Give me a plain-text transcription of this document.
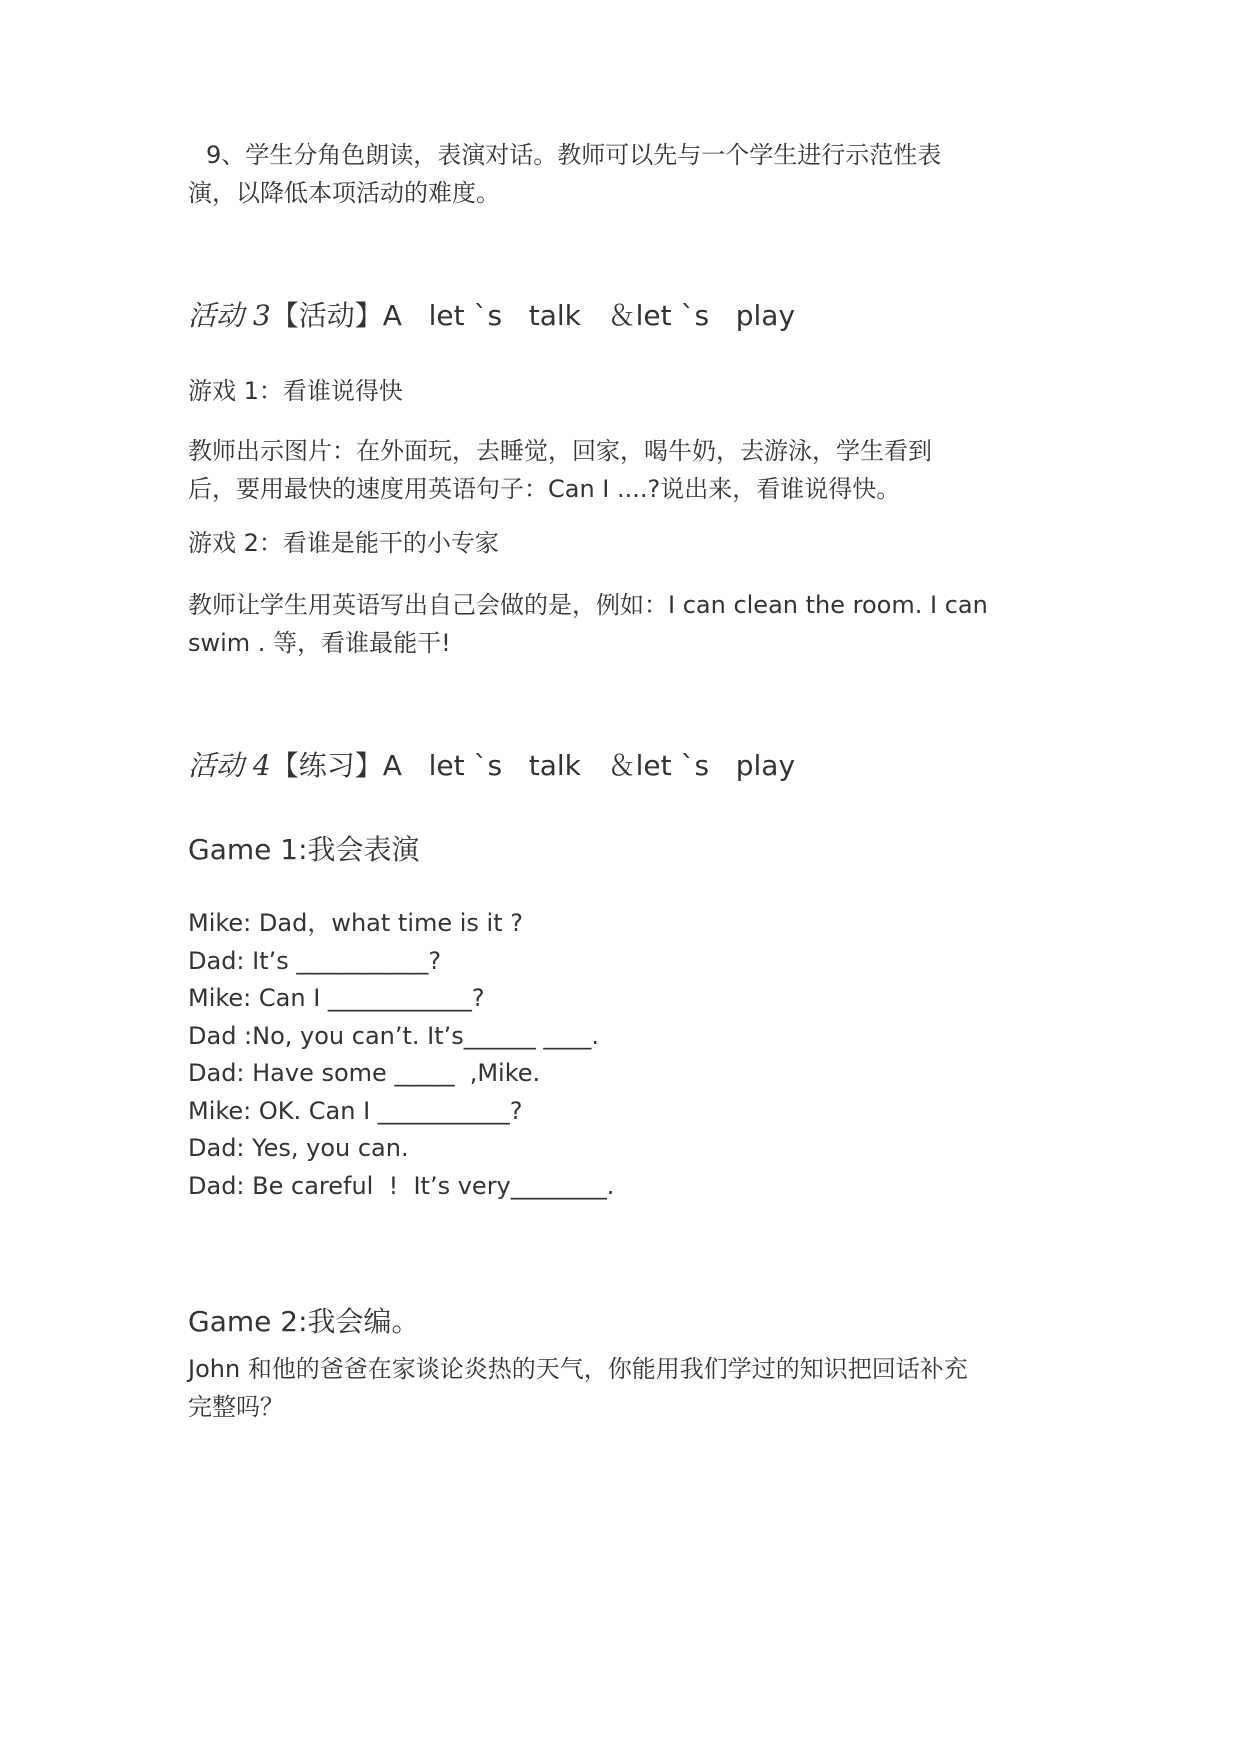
9、学生分角色朗读，表演对话。教师可以先与一个学生进行示范性表演，以降低本项活动的难度。
活动 3【活动】A   let ˋs   talk   ＆let ˋs   play
游戏 1：看谁说得快
教师出示图片：在外面玩，去睡觉，回家，喝牛奶，去游泳，学生看到后，要用最快的速度用英语句子：Can I ....?说出来，看谁说得快。
游戏 2：看谁是能干的小专家
教师让学生用英语写出自己会做的是，例如：I can clean the room. I can swim . 等，看谁最能干!
活动 4【练习】A   let ˋs   talk   ＆let ˋs   play
Game 1:我会表演
Mike: Dad，what time is it ?
Dad: It’s ___________?
Mike: Can I ____________?
Dad :No, you can’t. It’s______ ____.
Dad: Have some _____  ,Mike.
Mike: OK. Can I ___________?
Dad: Yes, you can.
Dad: Be careful  !  It’s very________.
Game 2:我会编。
John 和他的爸爸在家谈论炎热的天气，你能用我们学过的知识把回话补充完整吗？
